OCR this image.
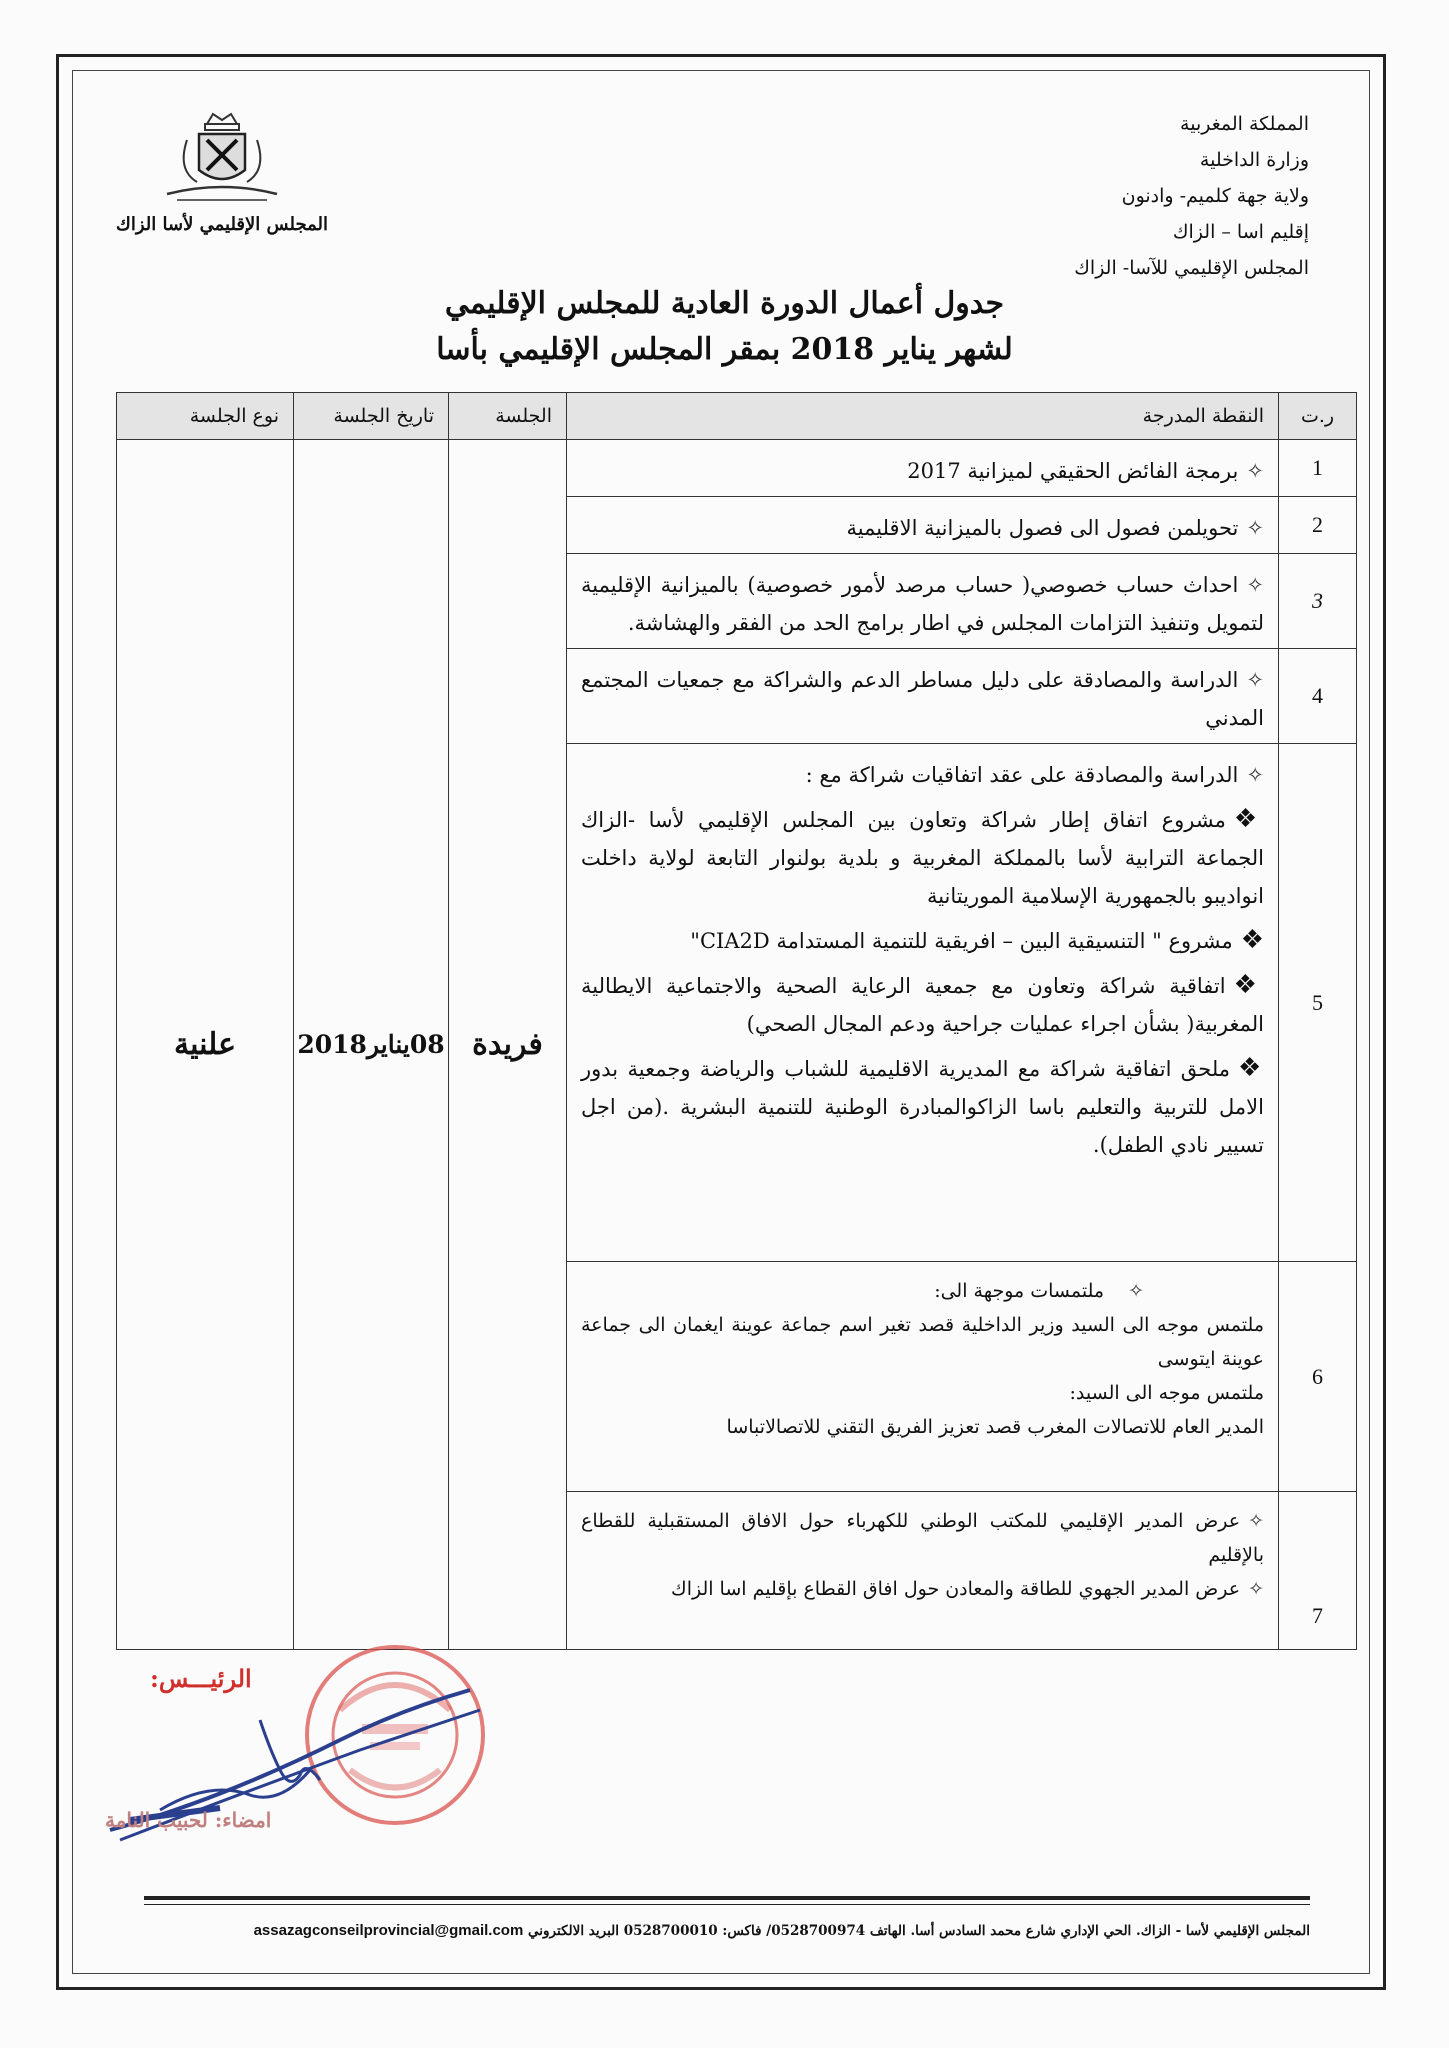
المملكة المغربية
وزارة الداخلية
ولاية جهة كلميم- وادنون
إقليم اسا – الزاك
المجلس الإقليمي للآسا- الزاك
المجلس الإقليمي لأسا الزاك
جدول أعمال الدورة العادية للمجلس الإقليمي
لشهر يناير 2018 بمقر المجلس الإقليمي بأسا
ر.ت	النقطة المدرجة	الجلسة	تاريخ الجلسة	نوع الجلسة
1	✧برمجة الفائض الحقيقي لميزانية 2017	فريدة	08يناير2018	علنية
2	✧تحويلمن فصول الى فصول بالميزانية الاقليمية			
3	✧احداث حساب خصوصي( حساب مرصد لأمور خصوصية) بالميزانية الإقليمية لتمويل وتنفيذ التزامات المجلس في اطار برامج الحد من الفقر والهشاشة.			
4	✧الدراسة والمصادقة على دليل مساطر الدعم والشراكة مع جمعيات المجتمع المدني			
5	✧الدراسة والمصادقة على عقد اتفاقيات شراكة مع :

❖مشروع اتفاق إطار شراكة وتعاون بين المجلس الإقليمي لأسا -الزاك الجماعة الترابية لأسا بالمملكة المغربية و بلدية بولنوار التابعة لولاية داخلت انواديبو بالجمهورية الإسلامية الموريتانية

❖مشروع " التنسيقية البين – افريقية للتنمية المستدامة CIA2D"

❖اتفاقية شراكة وتعاون مع جمعية الرعاية الصحية والاجتماعية الايطالية المغربية( بشأن اجراء عمليات جراحية ودعم المجال الصحي)

❖ملحق اتفاقية شراكة مع المديرية الاقليمية للشباب والرياضة وجمعية بدور الامل للتربية والتعليم باسا الزاكوالمبادرة الوطنية للتنمية البشرية .(من اجل تسيير نادي الطفل).			

6	✧ملتمسات موجهة الى:

ملتمس موجه الى السيد وزير الداخلية قصد تغير اسم جماعة عوينة ايغمان الى جماعة عوينة ايتوسى

ملتمس موجه الى السيد:

المدير العام للاتصالات المغرب قصد تعزيز الفريق التقني للاتصالاتباسا			

7	✧عرض المدير الإقليمي للمكتب الوطني للكهرباء حول الافاق المستقبلية للقطاع بالإقليم

✧عرض المدير الجهوي للطاقة والمعادن حول افاق القطاع بإقليم اسا الزاك			

الرئيـــس:
امضاء: لحبيب النامة
المجلس الإقليمي لأسا - الزاك. الحي الإداري شارع محمد السادس أسا. الهاتف 0528700974/ فاكس: 0528700010 البريد الالكتروني assazagconseilprovincial@gmail.com
